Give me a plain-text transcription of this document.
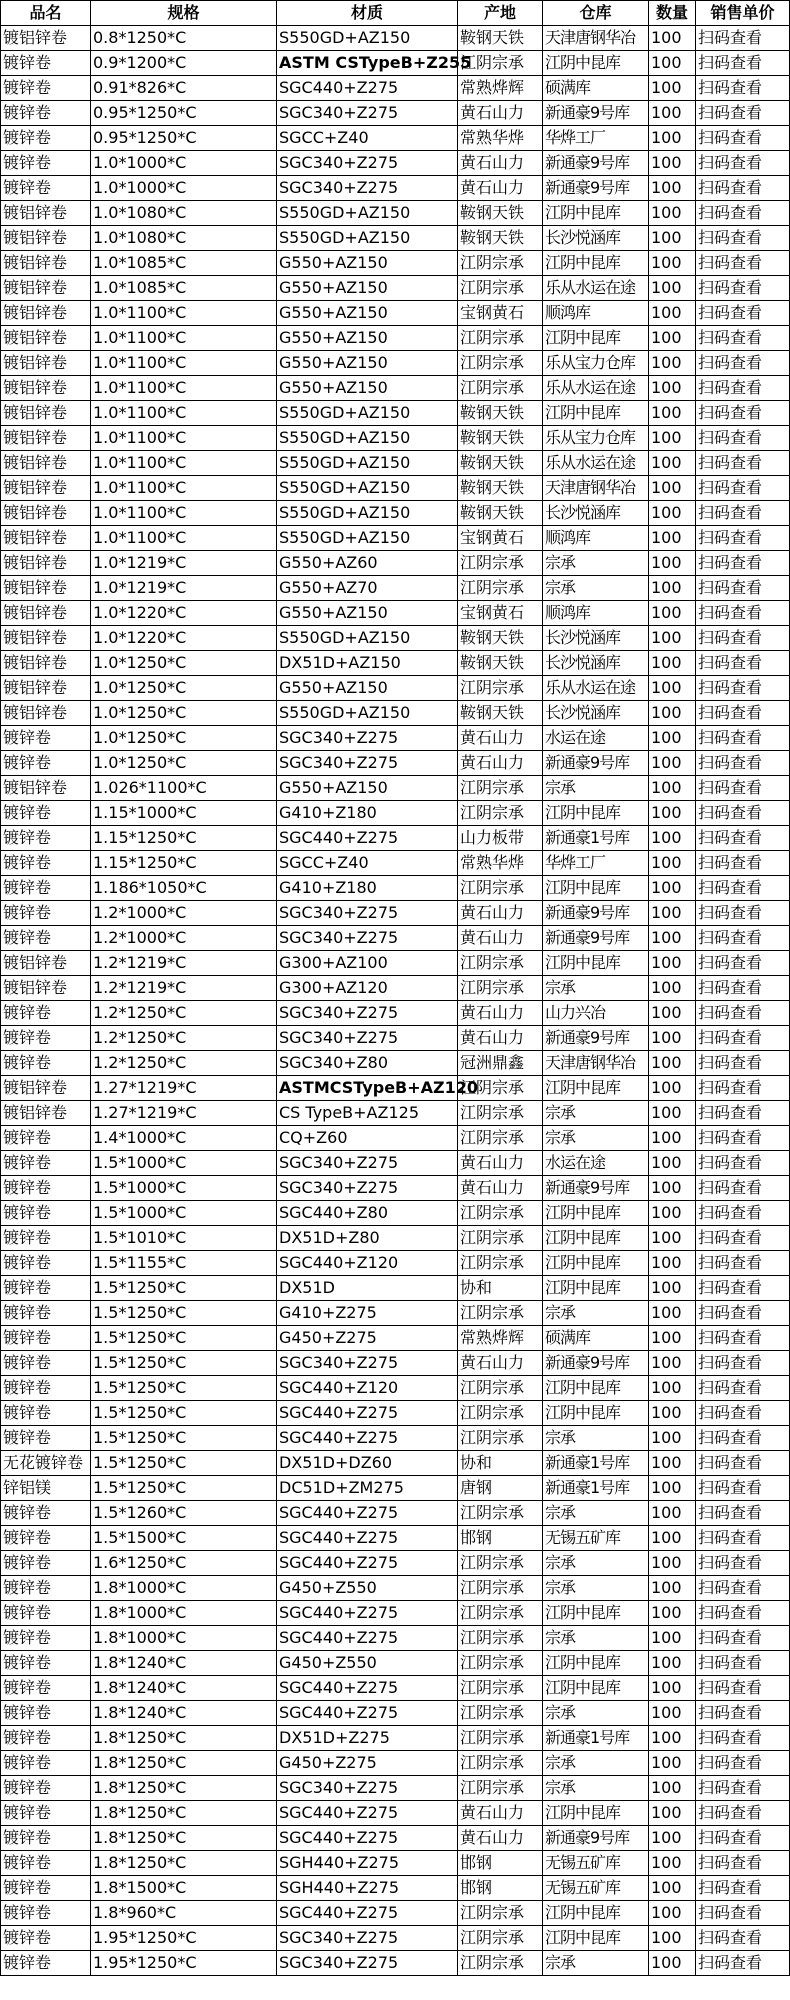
品名	规格	材质	产地	仓库	数量	销售单价
镀铝锌卷	0.8*1250*C	S550GD+AZ150	鞍钢天铁	天津唐钢华冶	100	扫码查看
镀锌卷	0.9*1200*C	ASTM CSTypeB+Z255	江阴宗承	江阴中昆库	100	扫码查看
镀锌卷	0.91*826*C	SGC440+Z275	常熟烨辉	硕满库	100	扫码查看
镀锌卷	0.95*1250*C	SGC340+Z275	黄石山力	新通豪9号库	100	扫码查看
镀锌卷	0.95*1250*C	SGCC+Z40	常熟华烨	华烨工厂	100	扫码查看
镀锌卷	1.0*1000*C	SGC340+Z275	黄石山力	新通豪9号库	100	扫码查看
镀锌卷	1.0*1000*C	SGC340+Z275	黄石山力	新通豪9号库	100	扫码查看
镀铝锌卷	1.0*1080*C	S550GD+AZ150	鞍钢天铁	江阴中昆库	100	扫码查看
镀铝锌卷	1.0*1080*C	S550GD+AZ150	鞍钢天铁	长沙悦涵库	100	扫码查看
镀铝锌卷	1.0*1085*C	G550+AZ150	江阴宗承	江阴中昆库	100	扫码查看
镀铝锌卷	1.0*1085*C	G550+AZ150	江阴宗承	乐从水运在途	100	扫码查看
镀铝锌卷	1.0*1100*C	G550+AZ150	宝钢黄石	顺鸿库	100	扫码查看
镀铝锌卷	1.0*1100*C	G550+AZ150	江阴宗承	江阴中昆库	100	扫码查看
镀铝锌卷	1.0*1100*C	G550+AZ150	江阴宗承	乐从宝力仓库	100	扫码查看
镀铝锌卷	1.0*1100*C	G550+AZ150	江阴宗承	乐从水运在途	100	扫码查看
镀铝锌卷	1.0*1100*C	S550GD+AZ150	鞍钢天铁	江阴中昆库	100	扫码查看
镀铝锌卷	1.0*1100*C	S550GD+AZ150	鞍钢天铁	乐从宝力仓库	100	扫码查看
镀铝锌卷	1.0*1100*C	S550GD+AZ150	鞍钢天铁	乐从水运在途	100	扫码查看
镀铝锌卷	1.0*1100*C	S550GD+AZ150	鞍钢天铁	天津唐钢华冶	100	扫码查看
镀铝锌卷	1.0*1100*C	S550GD+AZ150	鞍钢天铁	长沙悦涵库	100	扫码查看
镀铝锌卷	1.0*1100*C	S550GD+AZ150	宝钢黄石	顺鸿库	100	扫码查看
镀铝锌卷	1.0*1219*C	G550+AZ60	江阴宗承	宗承	100	扫码查看
镀铝锌卷	1.0*1219*C	G550+AZ70	江阴宗承	宗承	100	扫码查看
镀铝锌卷	1.0*1220*C	G550+AZ150	宝钢黄石	顺鸿库	100	扫码查看
镀铝锌卷	1.0*1220*C	S550GD+AZ150	鞍钢天铁	长沙悦涵库	100	扫码查看
镀铝锌卷	1.0*1250*C	DX51D+AZ150	鞍钢天铁	长沙悦涵库	100	扫码查看
镀铝锌卷	1.0*1250*C	G550+AZ150	江阴宗承	乐从水运在途	100	扫码查看
镀铝锌卷	1.0*1250*C	S550GD+AZ150	鞍钢天铁	长沙悦涵库	100	扫码查看
镀锌卷	1.0*1250*C	SGC340+Z275	黄石山力	水运在途	100	扫码查看
镀锌卷	1.0*1250*C	SGC340+Z275	黄石山力	新通豪9号库	100	扫码查看
镀铝锌卷	1.026*1100*C	G550+AZ150	江阴宗承	宗承	100	扫码查看
镀锌卷	1.15*1000*C	G410+Z180	江阴宗承	江阴中昆库	100	扫码查看
镀锌卷	1.15*1250*C	SGC440+Z275	山力板带	新通豪1号库	100	扫码查看
镀锌卷	1.15*1250*C	SGCC+Z40	常熟华烨	华烨工厂	100	扫码查看
镀锌卷	1.186*1050*C	G410+Z180	江阴宗承	江阴中昆库	100	扫码查看
镀锌卷	1.2*1000*C	SGC340+Z275	黄石山力	新通豪9号库	100	扫码查看
镀锌卷	1.2*1000*C	SGC340+Z275	黄石山力	新通豪9号库	100	扫码查看
镀铝锌卷	1.2*1219*C	G300+AZ100	江阴宗承	江阴中昆库	100	扫码查看
镀铝锌卷	1.2*1219*C	G300+AZ120	江阴宗承	宗承	100	扫码查看
镀锌卷	1.2*1250*C	SGC340+Z275	黄石山力	山力兴冶	100	扫码查看
镀锌卷	1.2*1250*C	SGC340+Z275	黄石山力	新通豪9号库	100	扫码查看
镀锌卷	1.2*1250*C	SGC340+Z80	冠洲鼎鑫	天津唐钢华冶	100	扫码查看
镀铝锌卷	1.27*1219*C	ASTMCSTypeB+AZ120	江阴宗承	江阴中昆库	100	扫码查看
镀铝锌卷	1.27*1219*C	CS TypeB+AZ125	江阴宗承	宗承	100	扫码查看
镀锌卷	1.4*1000*C	CQ+Z60	江阴宗承	宗承	100	扫码查看
镀锌卷	1.5*1000*C	SGC340+Z275	黄石山力	水运在途	100	扫码查看
镀锌卷	1.5*1000*C	SGC340+Z275	黄石山力	新通豪9号库	100	扫码查看
镀锌卷	1.5*1000*C	SGC440+Z80	江阴宗承	江阴中昆库	100	扫码查看
镀锌卷	1.5*1010*C	DX51D+Z80	江阴宗承	江阴中昆库	100	扫码查看
镀锌卷	1.5*1155*C	SGC440+Z120	江阴宗承	江阴中昆库	100	扫码查看
镀锌卷	1.5*1250*C	DX51D	协和	江阴中昆库	100	扫码查看
镀锌卷	1.5*1250*C	G410+Z275	江阴宗承	宗承	100	扫码查看
镀锌卷	1.5*1250*C	G450+Z275	常熟烨辉	硕满库	100	扫码查看
镀锌卷	1.5*1250*C	SGC340+Z275	黄石山力	新通豪9号库	100	扫码查看
镀锌卷	1.5*1250*C	SGC440+Z120	江阴宗承	江阴中昆库	100	扫码查看
镀锌卷	1.5*1250*C	SGC440+Z275	江阴宗承	江阴中昆库	100	扫码查看
镀锌卷	1.5*1250*C	SGC440+Z275	江阴宗承	宗承	100	扫码查看
无花镀锌卷	1.5*1250*C	DX51D+DZ60	协和	新通豪1号库	100	扫码查看
锌铝镁	1.5*1250*C	DC51D+ZM275	唐钢	新通豪1号库	100	扫码查看
镀锌卷	1.5*1260*C	SGC440+Z275	江阴宗承	宗承	100	扫码查看
镀锌卷	1.5*1500*C	SGC440+Z275	邯钢	无锡五矿库	100	扫码查看
镀锌卷	1.6*1250*C	SGC440+Z275	江阴宗承	宗承	100	扫码查看
镀锌卷	1.8*1000*C	G450+Z550	江阴宗承	宗承	100	扫码查看
镀锌卷	1.8*1000*C	SGC440+Z275	江阴宗承	江阴中昆库	100	扫码查看
镀锌卷	1.8*1000*C	SGC440+Z275	江阴宗承	宗承	100	扫码查看
镀锌卷	1.8*1240*C	G450+Z550	江阴宗承	江阴中昆库	100	扫码查看
镀锌卷	1.8*1240*C	SGC440+Z275	江阴宗承	江阴中昆库	100	扫码查看
镀锌卷	1.8*1240*C	SGC440+Z275	江阴宗承	宗承	100	扫码查看
镀锌卷	1.8*1250*C	DX51D+Z275	江阴宗承	新通豪1号库	100	扫码查看
镀锌卷	1.8*1250*C	G450+Z275	江阴宗承	宗承	100	扫码查看
镀锌卷	1.8*1250*C	SGC340+Z275	江阴宗承	宗承	100	扫码查看
镀锌卷	1.8*1250*C	SGC440+Z275	黄石山力	江阴中昆库	100	扫码查看
镀锌卷	1.8*1250*C	SGC440+Z275	黄石山力	新通豪9号库	100	扫码查看
镀锌卷	1.8*1250*C	SGH440+Z275	邯钢	无锡五矿库	100	扫码查看
镀锌卷	1.8*1500*C	SGH440+Z275	邯钢	无锡五矿库	100	扫码查看
镀锌卷	1.8*960*C	SGC440+Z275	江阴宗承	江阴中昆库	100	扫码查看
镀锌卷	1.95*1250*C	SGC340+Z275	江阴宗承	江阴中昆库	100	扫码查看
镀锌卷	1.95*1250*C	SGC340+Z275	江阴宗承	宗承	100	扫码查看
